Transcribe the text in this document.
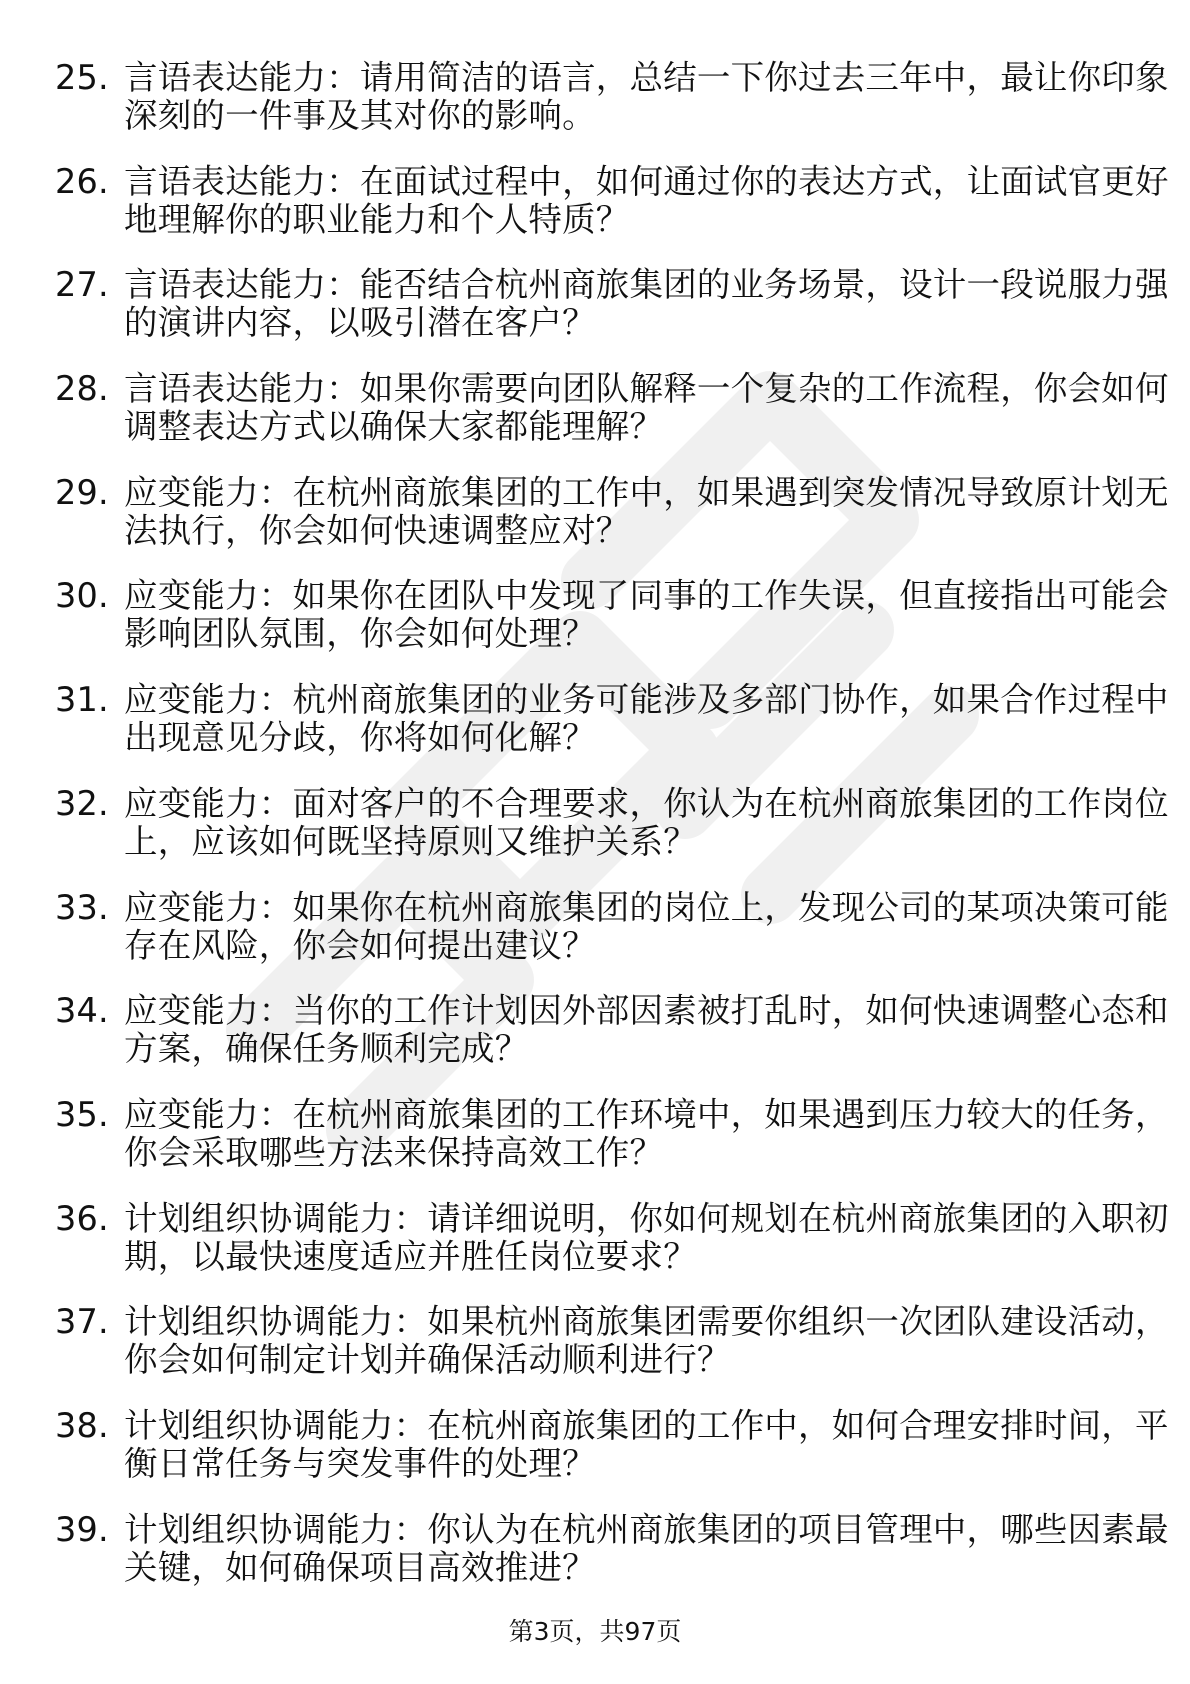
25. 言语表达能力：请用简洁的语言，总结一下你过去三年中，最让你印象深刻的一件事及其对你的影响。
26. 言语表达能力：在面试过程中，如何通过你的表达方式，让面试官更好地理解你的职业能力和个人特质？
27. 言语表达能力：能否结合杭州商旅集团的业务场景，设计一段说服力强的演讲内容，以吸引潜在客户？
28. 言语表达能力：如果你需要向团队解释一个复杂的工作流程，你会如何调整表达方式以确保大家都能理解？
29. 应变能力：在杭州商旅集团的工作中，如果遇到突发情况导致原计划无法执行，你会如何快速调整应对？
30. 应变能力：如果你在团队中发现了同事的工作失误，但直接指出可能会影响团队氛围，你会如何处理？
31. 应变能力：杭州商旅集团的业务可能涉及多部门协作，如果合作过程中出现意见分歧，你将如何化解？
32. 应变能力：面对客户的不合理要求，你认为在杭州商旅集团的工作岗位上，应该如何既坚持原则又维护关系？
33. 应变能力：如果你在杭州商旅集团的岗位上，发现公司的某项决策可能存在风险，你会如何提出建议？
34. 应变能力：当你的工作计划因外部因素被打乱时，如何快速调整心态和方案，确保任务顺利完成？
35. 应变能力：在杭州商旅集团的工作环境中，如果遇到压力较大的任务，你会采取哪些方法来保持高效工作？
36. 计划组织协调能力：请详细说明，你如何规划在杭州商旅集团的入职初期，以最快速度适应并胜任岗位要求？
37. 计划组织协调能力：如果杭州商旅集团需要你组织一次团队建设活动，你会如何制定计划并确保活动顺利进行？
38. 计划组织协调能力：在杭州商旅集团的工作中，如何合理安排时间，平衡日常任务与突发事件的处理？
39. 计划组织协调能力：你认为在杭州商旅集团的项目管理中，哪些因素最关键，如何确保项目高效推进？
第3页，共97页
